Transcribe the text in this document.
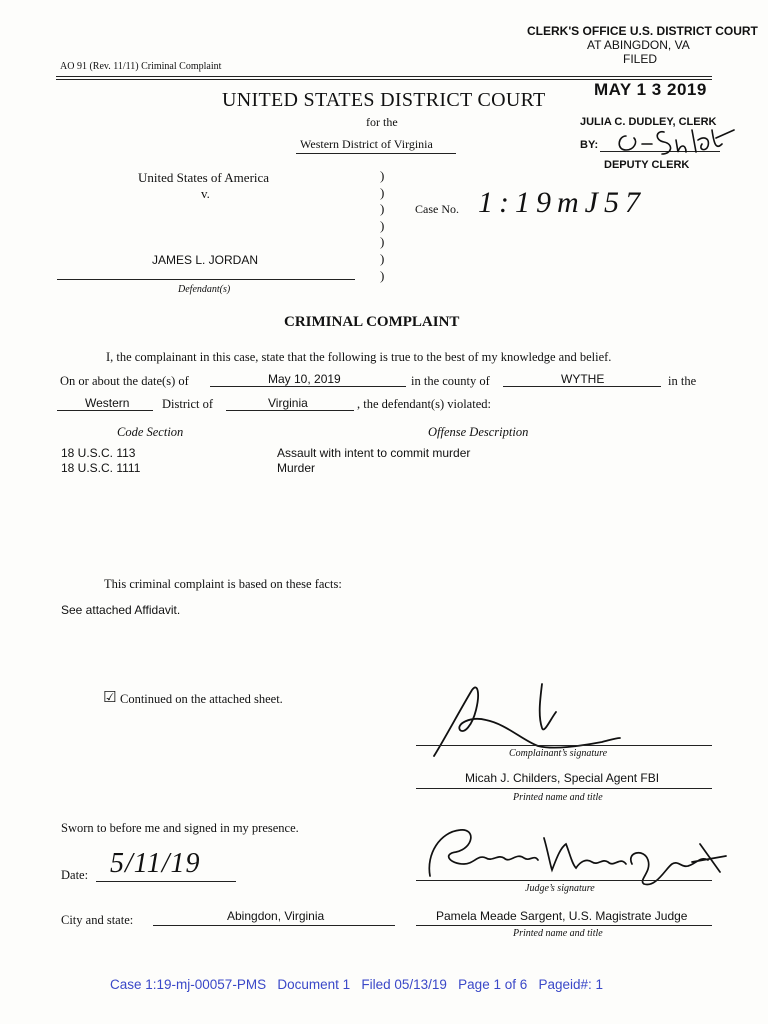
CLERK'S OFFICE U.S. DISTRICT COURT
AT ABINGDON, VA
FILED
MAY 1 3 2019
JULIA C. DUDLEY, CLERK
BY:
DEPUTY CLERK
AO 91 (Rev. 11/11) Criminal Complaint
UNITED STATES DISTRICT COURT
for the
Western District of Virginia
United States of America
v.
JAMES L. JORDAN
Defendant(s)
)
)
)
)
)
)
)
Case No. 1:19mJ57
CRIMINAL COMPLAINT
I, the complainant in this case, state that the following is true to the best of my knowledge and belief.
On or about the date(s) of	May 10, 2019	in the county of	WYTHE	in the
Western	District of	Virginia	, the defendant(s) violated:
Code Section	Offense Description
18 U.S.C. 113	Assault with intent to commit murder
18 U.S.C. 1111	Murder
This criminal complaint is based on these facts:
See attached Affidavit.
☑ Continued on the attached sheet.
Complainant’s signature
Micah J. Childers, Special Agent FBI
Printed name and title
Sworn to before me and signed in my presence.
Date: 5/11/19
Judge’s signature
Pamela Meade Sargent, U.S. Magistrate Judge
Printed name and title
City and state:	Abingdon, Virginia
Case 1:19-mj-00057-PMS   Document 1   Filed 05/13/19   Page 1 of 6   Pageid#: 1
